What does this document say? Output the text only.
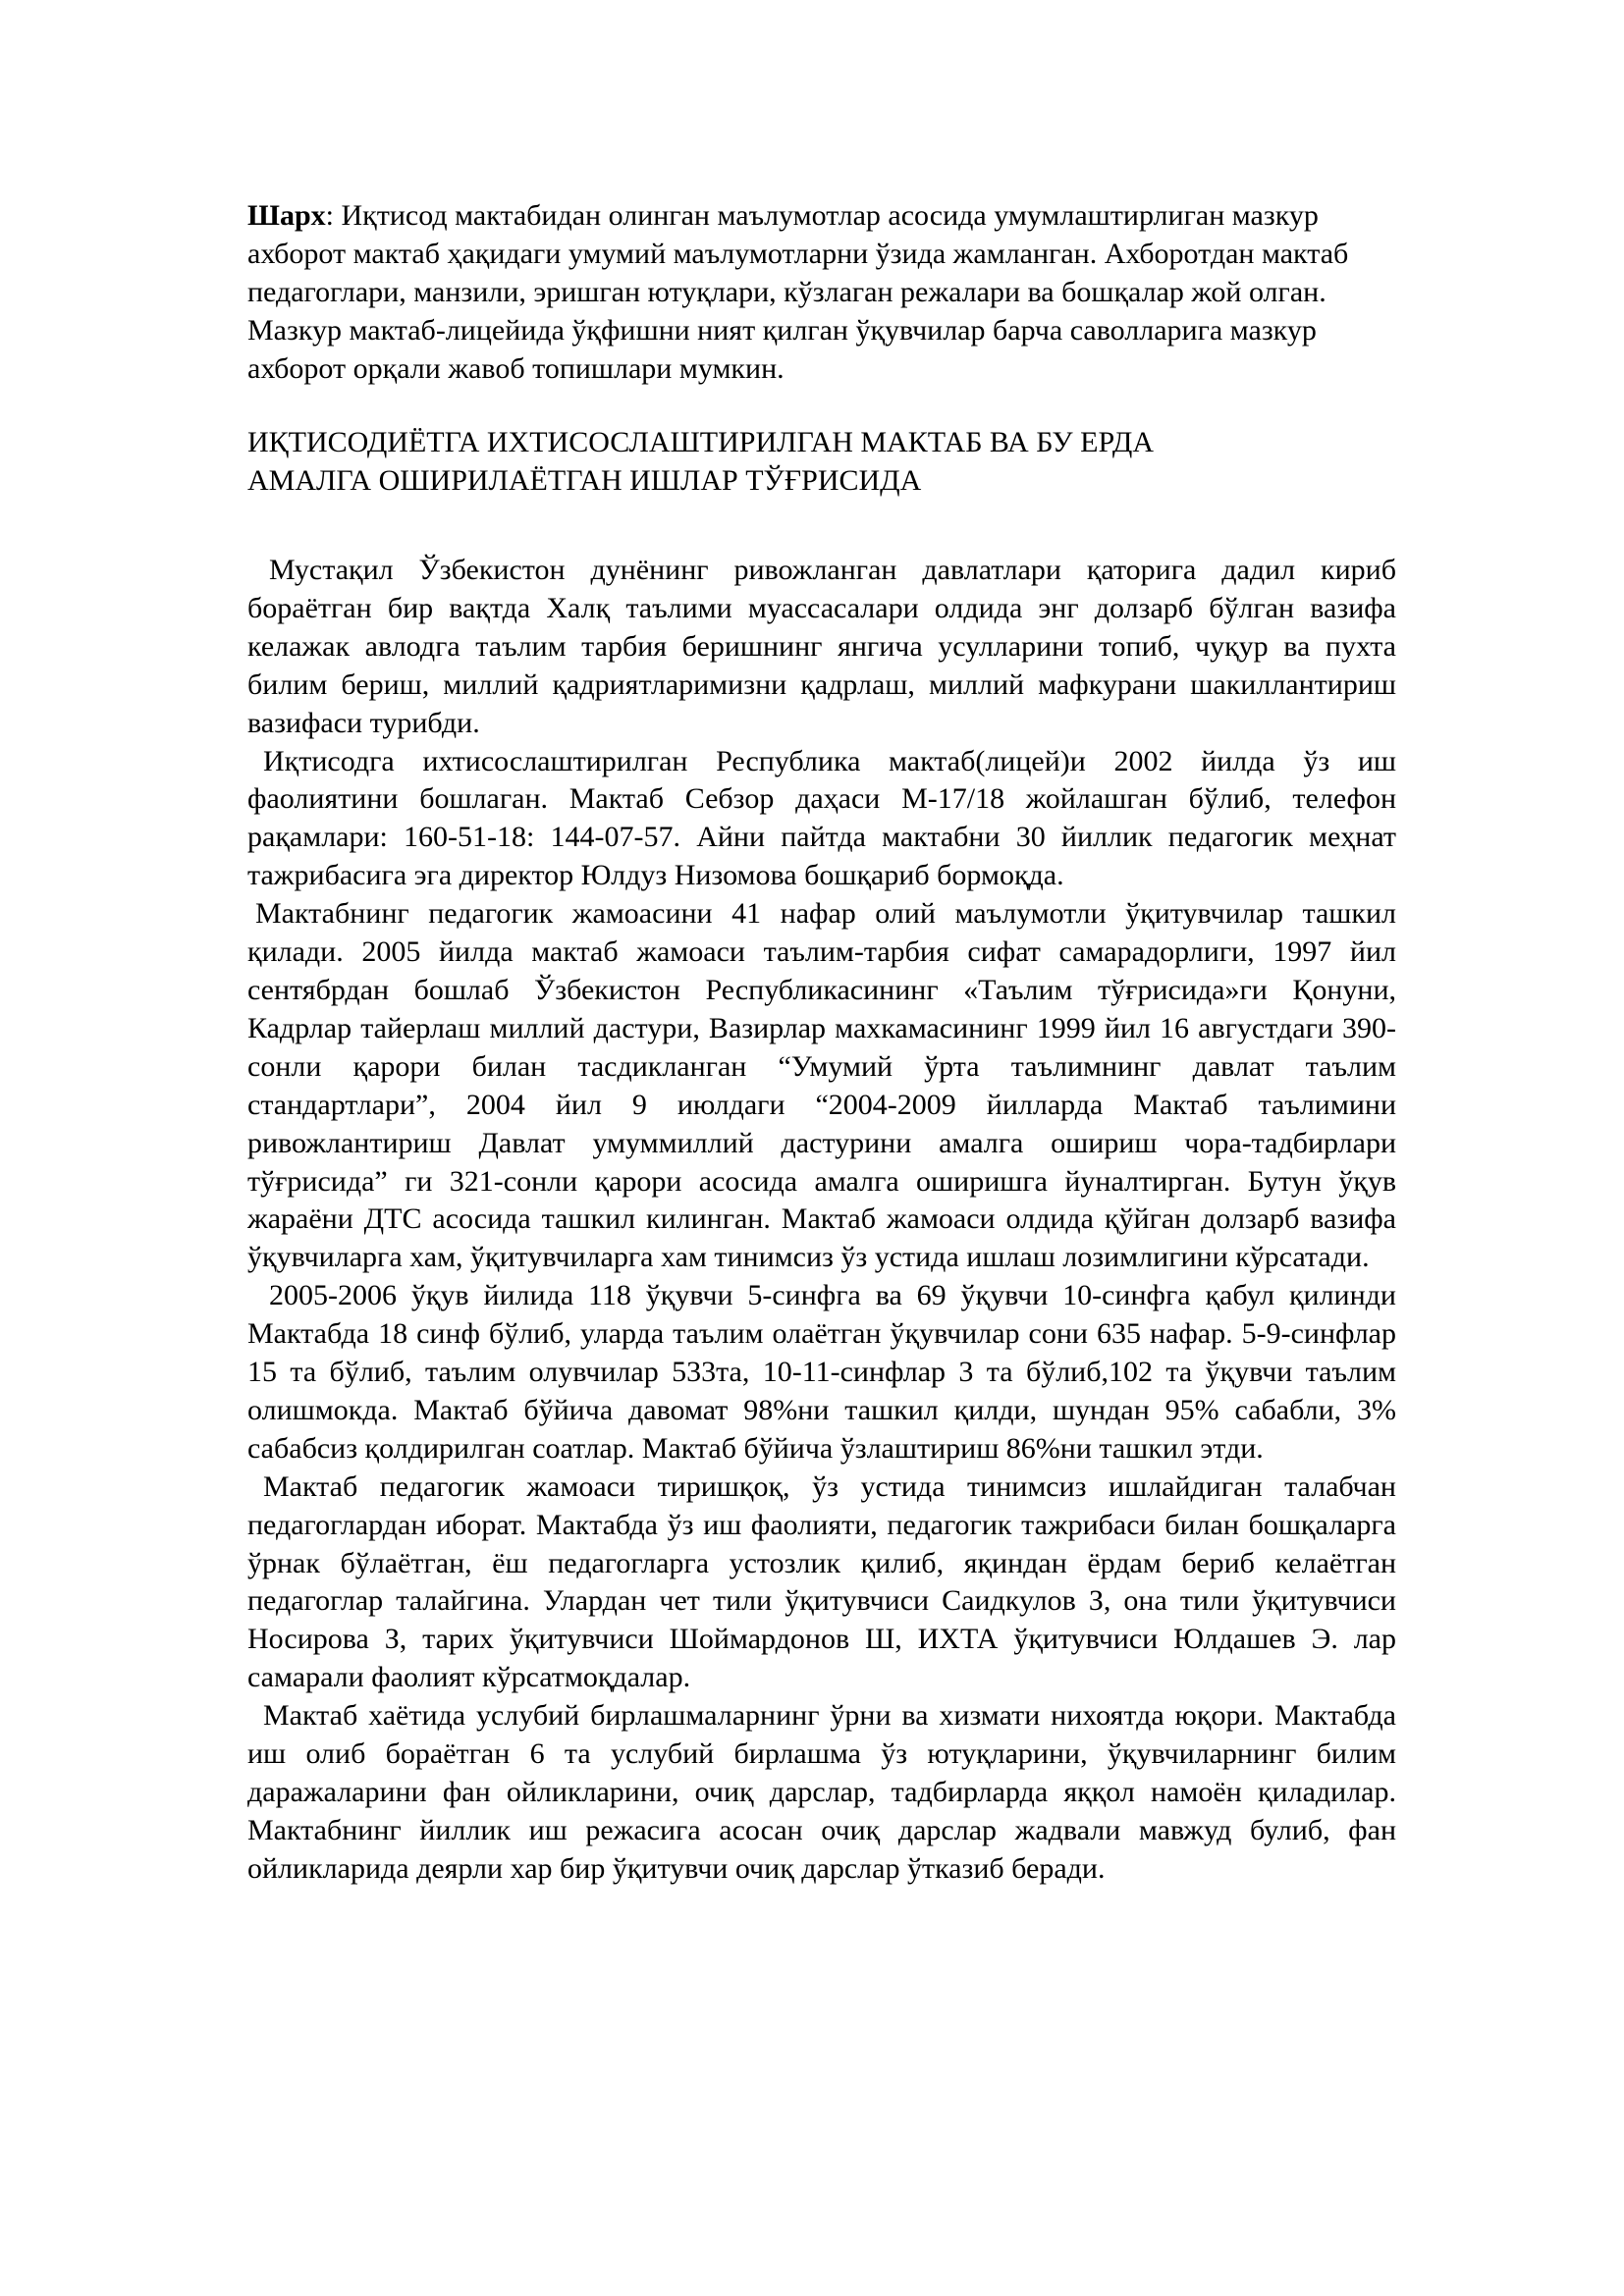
Шарх: Иқтисод мактабидан олинган маълумотлар асосида умумлаштирлиган мазкур ахборот мактаб ҳақидаги умумий маълумотларни ўзида жамланган. Ахборотдан мактаб педагоглари, манзили, эришган ютуқлари, кўзлаган режалари ва бошқалар жой олган. Мазкур мактаб-лицейида ўқфишни ният қилган ўқувчилар барча саволларига мазкур ахборот орқали жавоб топишлари мумкин.

ИҚТИСОДИЁТГА ИХТИСОСЛАШТИРИЛГАН МАКТАБ ВА БУ ЕРДА
АМАЛГА ОШИРИЛАЁТГАН ИШЛАР ТЎҒРИСИДА

Мустақил Ўзбекистон дунёнинг ривожланган давлатлари қаторига дадил кириб бораётган бир вақтда Халқ таълими муассасалари олдида энг долзарб бўлган вазифа келажак авлодга таълим тарбия беришнинг янгича усулларини топиб, чуқур ва пухта билим бериш, миллий қадриятларимизни қадрлаш, миллий мафкурани шакиллантириш вазифаси турибди.

Иқтисодга ихтисослаштирилган Республика мактаб(лицей)и 2002 йилда ўз иш фаолиятини бошлаган. Мактаб Себзор даҳаси М-17/18 жойлашган бўлиб, телефон рақамлари: 160-51-18: 144-07-57. Айни пайтда мактабни 30 йиллик педагогик меҳнат тажрибасига эга директор Юлдуз Низомова бошқариб бормоқда.

Мактабнинг педагогик жамоасини 41 нафар олий маълумотли ўқитувчилар ташкил қилади. 2005 йилда мактаб жамоаси таълим-тарбия сифат самарадорлиги, 1997 йил сентябрдан бошлаб Ўзбекистон Республикасининг «Таълим тўғрисида»ги Қонуни, Кадрлар тайерлаш миллий дастури, Вазирлар махкамасининг 1999 йил 16 августдаги 390-сонли қарори билан тасдикланган “Умумий ўрта таълимнинг давлат таълим стандартлари”, 2004 йил 9 июлдаги “2004-2009 йилларда Мактаб таълимини ривожлантириш Давлат умуммиллий дастурини амалга ошириш чора-тадбирлари тўғрисида” ги 321-сонли қарори асосида амалга оширишга йуналтирган. Бутун ўқув жараёни ДТС асосида ташкил килинган. Мактаб жамоаси олдида қўйган долзарб вазифа ўқувчиларга хам, ўқитувчиларга хам тинимсиз ўз устида ишлаш лозимлигини кўрсатади.

2005-2006 ўқув йилида 118 ўқувчи 5-синфга ва 69 ўқувчи 10-синфга қабул қилинди Мактабда 18 синф бўлиб, уларда таълим олаётган ўқувчилар сони 635 нафар. 5-9-синфлар 15 та бўлиб, таълим олувчилар 533та, 10-11-синфлар 3 та бўлиб,102 та ўқувчи таълим олишмокда. Мактаб бўйича давомат 98%ни ташкил қилди, шундан 95% сабабли, 3% сабабсиз қолдирилган соатлар. Мактаб бўйича ўзлаштириш 86%ни ташкил этди.

Мактаб педагогик жамоаси тиришқоқ, ўз устида тинимсиз ишлайдиган талабчан педагоглардан иборат. Мактабда ўз иш фаолияти, педагогик тажрибаси билан бошқаларга ўрнак бўлаётган, ёш педагогларга устозлик қилиб, яқиндан ёрдам бериб келаётган педагоглар талайгина. Улардан чет тили ўқитувчиси Саидкулов З, она тили ўқитувчиси Носирова З, тарих ўқитувчиси Шоймардонов Ш, ИХТА ўқитувчиси Юлдашев Э. лар самарали фаолият кўрсатмоқдалар.

Мактаб хаётида услубий бирлашмаларнинг ўрни ва хизмати нихоятда юқори. Мактабда иш олиб бораётган 6 та услубий бирлашма ўз ютуқларини, ўқувчиларнинг билим даражаларини фан ойликларини, очиқ дарслар, тадбирларда яққол намоён қиладилар. Мактабнинг йиллик иш режасига асосан очиқ дарслар жадвали мавжуд булиб, фан ойликларида деярли хар бир ўқитувчи очиқ дарслар ўтказиб беради.
